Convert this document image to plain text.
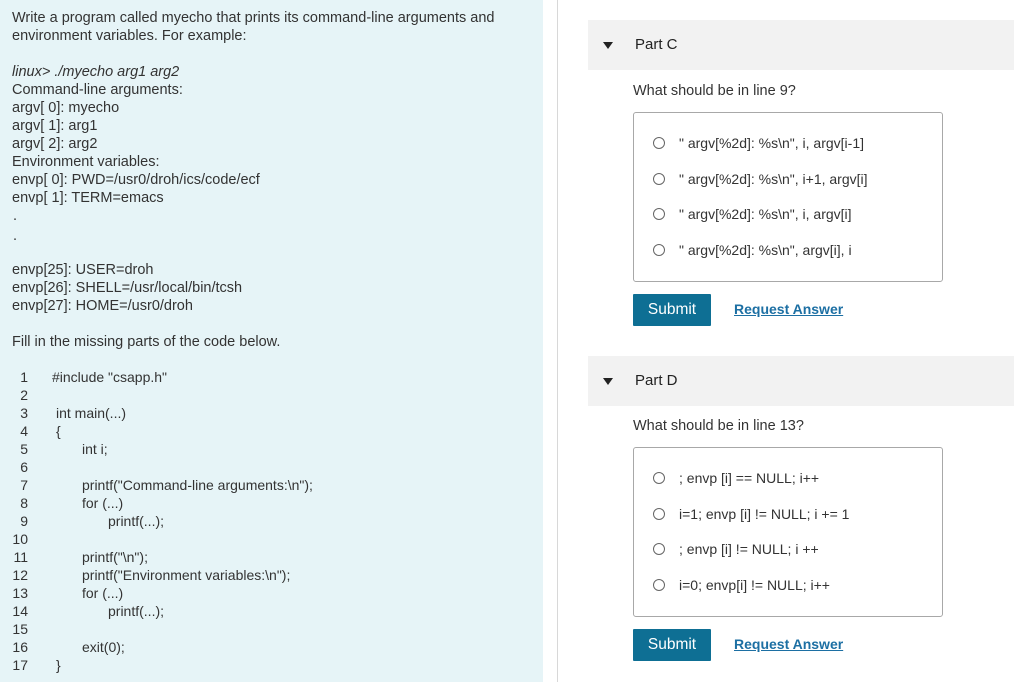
Write a program called myecho that prints its command-line arguments and
environment variables. For example:
linux> ./myecho arg1 arg2
Command-line arguments:
argv[ 0]: myecho
argv[ 1]: arg1
argv[ 2]: arg2
Environment variables:
envp[ 0]: PWD=/usr0/droh/ics/code/ecf
envp[ 1]: TERM=emacs
.
.
envp[25]: USER=droh
envp[26]: SHELL=/usr/local/bin/tcsh
envp[27]: HOME=/usr0/droh
Fill in the missing parts of the code below.
1 #include "csapp.h"
2
3 int main(...)
4 {
5	int i;
6
7	printf("Command-line arguments:\n");
8	for (...)
9	printf(...);
10
11	printf("\n");
12	printf("Environment variables:\n");
13	for (...)
14	printf(...);
15
16	exit(0);
17 }
Part C
What should be in line 9?
" argv[%2d]: %s\n", i, argv[i-1]
" argv[%2d]: %s\n", i+1, argv[i]
" argv[%2d]: %s\n", i, argv[i]
" argv[%2d]: %s\n", argv[i], i
Submit	Request Answer
Part D
What should be in line 13?
; envp [i] == NULL; i++
i=1; envp [i] != NULL; i += 1
; envp [i] != NULL; i ++
i=0; envp[i] != NULL; i++
Submit	Request Answer
